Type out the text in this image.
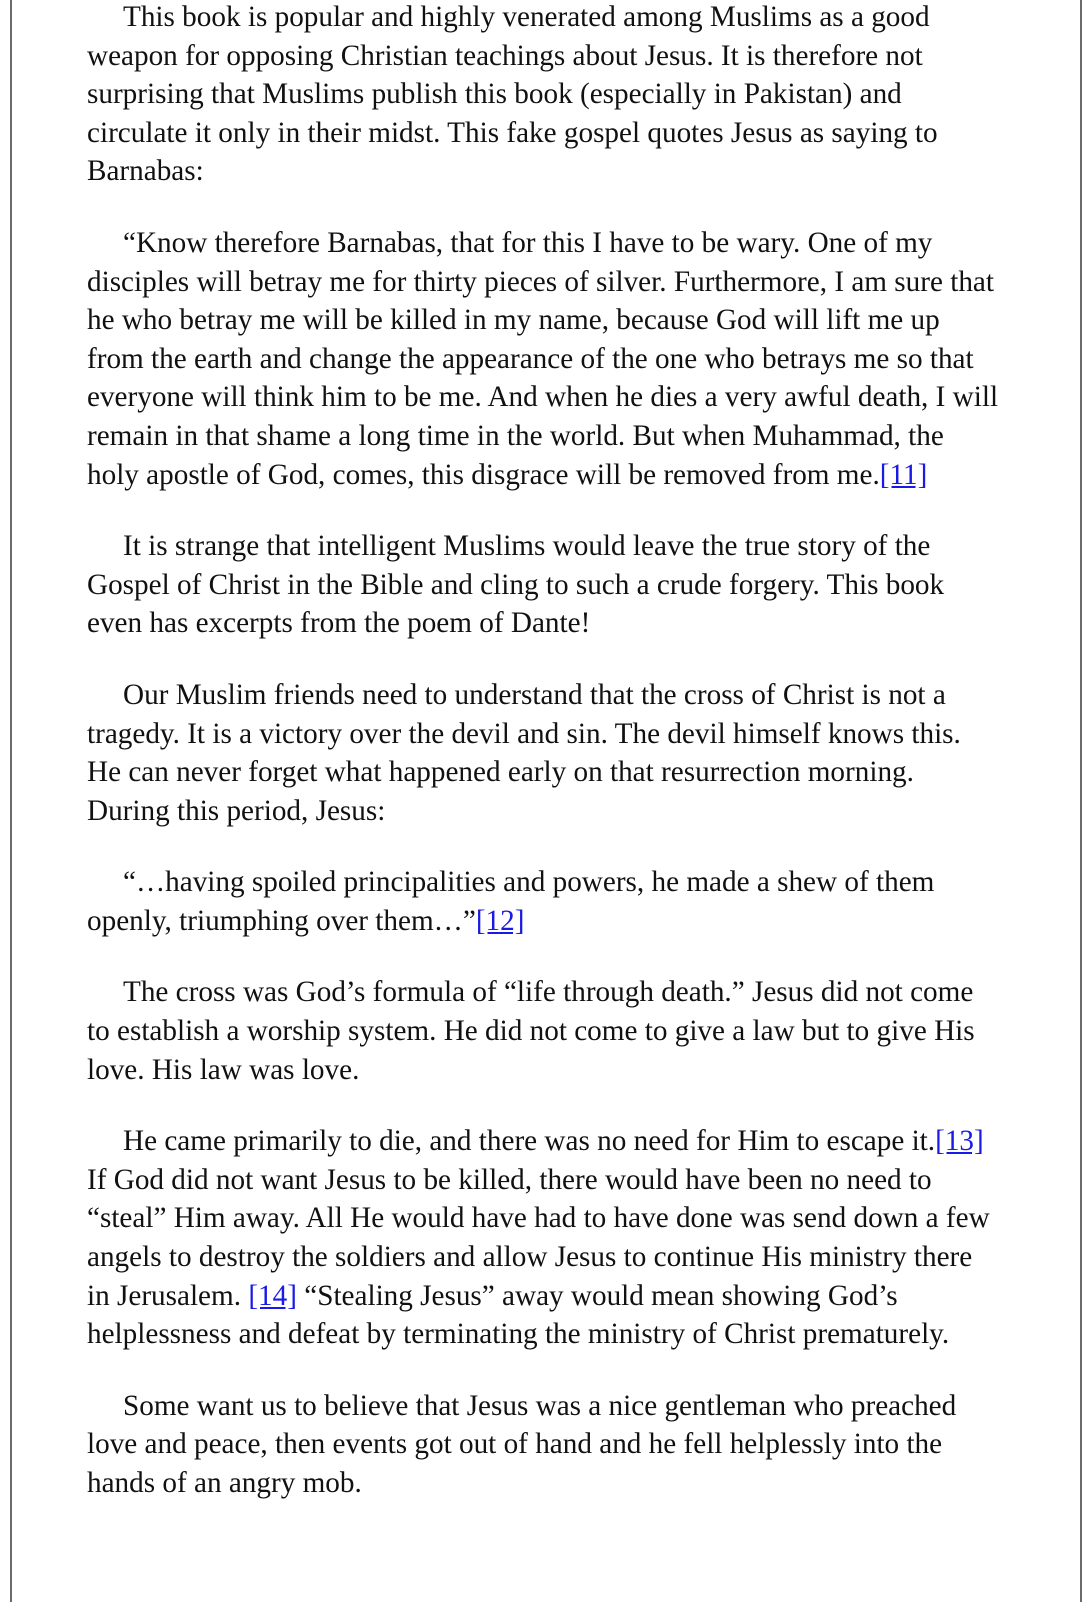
This book is popular and highly venerated among Muslims as a good weapon for opposing Christian teachings about Jesus. It is therefore not surprising that Muslims publish this book (especially in Pakistan) and circulate it only in their midst. This fake gospel quotes Jesus as saying to Barnabas:

“Know therefore Barnabas, that for this I have to be wary. One of my disciples will betray me for thirty pieces of silver. Furthermore, I am sure that he who betray me will be killed in my name, because God will lift me up from the earth and change the appearance of the one who betrays me so that everyone will think him to be me. And when he dies a very awful death, I will remain in that shame a long time in the world. But when Muhammad, the holy apostle of God, comes, this disgrace will be removed from me.[11]

It is strange that intelligent Muslims would leave the true story of the Gospel of Christ in the Bible and cling to such a crude forgery. This book even has excerpts from the poem of Dante!

Our Muslim friends need to understand that the cross of Christ is not a tragedy. It is a victory over the devil and sin. The devil himself knows this. He can never forget what happened early on that resurrection morning. During this period, Jesus:

“…having spoiled principalities and powers, he made a shew of them openly, triumphing over them…”[12]

The cross was God’s formula of “life through death.” Jesus did not come to establish a worship system. He did not come to give a law but to give His love. His law was love.

He came primarily to die, and there was no need for Him to escape it.[13] If God did not want Jesus to be killed, there would have been no need to “steal” Him away. All He would have had to have done was send down a few angels to destroy the soldiers and allow Jesus to continue His ministry there in Jerusalem. [14] “Stealing Jesus” away would mean showing God’s helplessness and defeat by terminating the ministry of Christ prematurely.

Some want us to believe that Jesus was a nice gentleman who preached love and peace, then events got out of hand and he fell helplessly into the hands of an angry mob.
